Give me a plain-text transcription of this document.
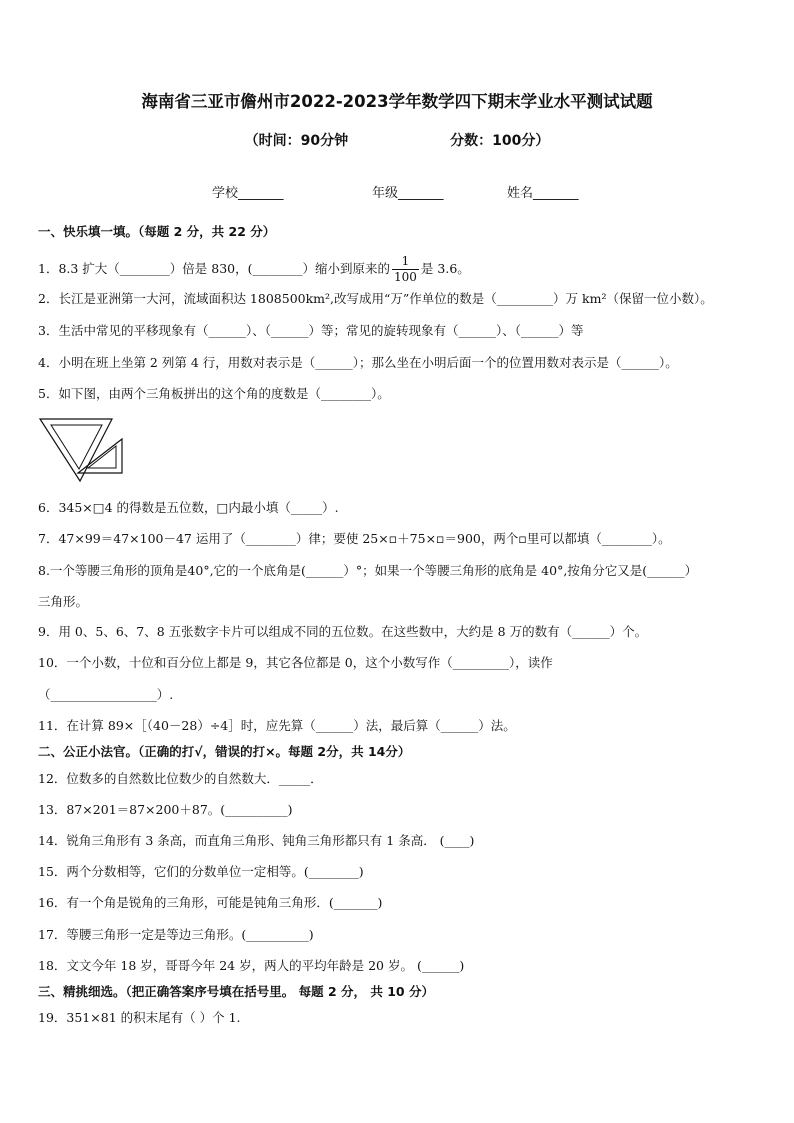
海南省三亚市儋州市2022-2023学年数学四下期末学业水平测试试题
（时间：90分钟	分数：100分）
学校_______	年级_______	姓名_______
一、快乐填一填。（每题 2 分，共 22 分）
1．8.3 扩大（________）倍是 830，(________）缩小到原来的 $\frac{1}{100}$ 是 3.6。
2．长江是亚洲第一大河，流域面积达 1808500km²,改写成用“万”作单位的数是（_________）万 km²（保留一位小数）。
3．生活中常见的平移现象有（______）、（______）等；常见的旋转现象有（______）、（______）等
4．小明在班上坐第 2 列第 4 行，用数对表示是（______）；那么坐在小明后面一个的位置用数对表示是（______）。
5．如下图，由两个三角板拼出的这个角的度数是（________）。
6．345×□4 的得数是五位数，□内最小填（_____）.
7．47×99＝47×100－47 运用了（________）律；要使 25×▫＋75×▫＝900，两个▫里可以都填（________）。
8.一个等腰三角形的顶角是40°,它的一个底角是(______）°；如果一个等腰三角形的底角是 40°,按角分它又是(______）
三角形。
9．用 0、5、6、7、8 五张数字卡片可以组成不同的五位数。在这些数中，大约是 8 万的数有（______）个。
10．一个小数，十位和百分位上都是 9，其它各位都是 0，这个小数写作（_________），读作
（_________________）.
11．在计算 89×［（40－28）÷4］时，应先算（______）法，最后算（______）法。
二、公正小法官。（正确的打√，错误的打×。每题 2分，共 14分）
12．位数多的自然数比位数少的自然数大．_____．
13．87×201＝87×200＋87。(__________)
14．锐角三角形有 3 条高，而直角三角形、钝角三角形都只有 1 条高． (____)
15．两个分数相等，它们的分数单位一定相等。(________)
16．有一个角是锐角的三角形，可能是钝角三角形．(_______)
17．等腰三角形一定是等边三角形。(__________)
18．文文今年 18 岁，哥哥今年 24 岁，两人的平均年龄是 20 岁。 (______)
三、精挑细选。（把正确答案序号填在括号里。 每题 2 分， 共 10 分）
19．351×81 的积末尾有（ ）个 1.
